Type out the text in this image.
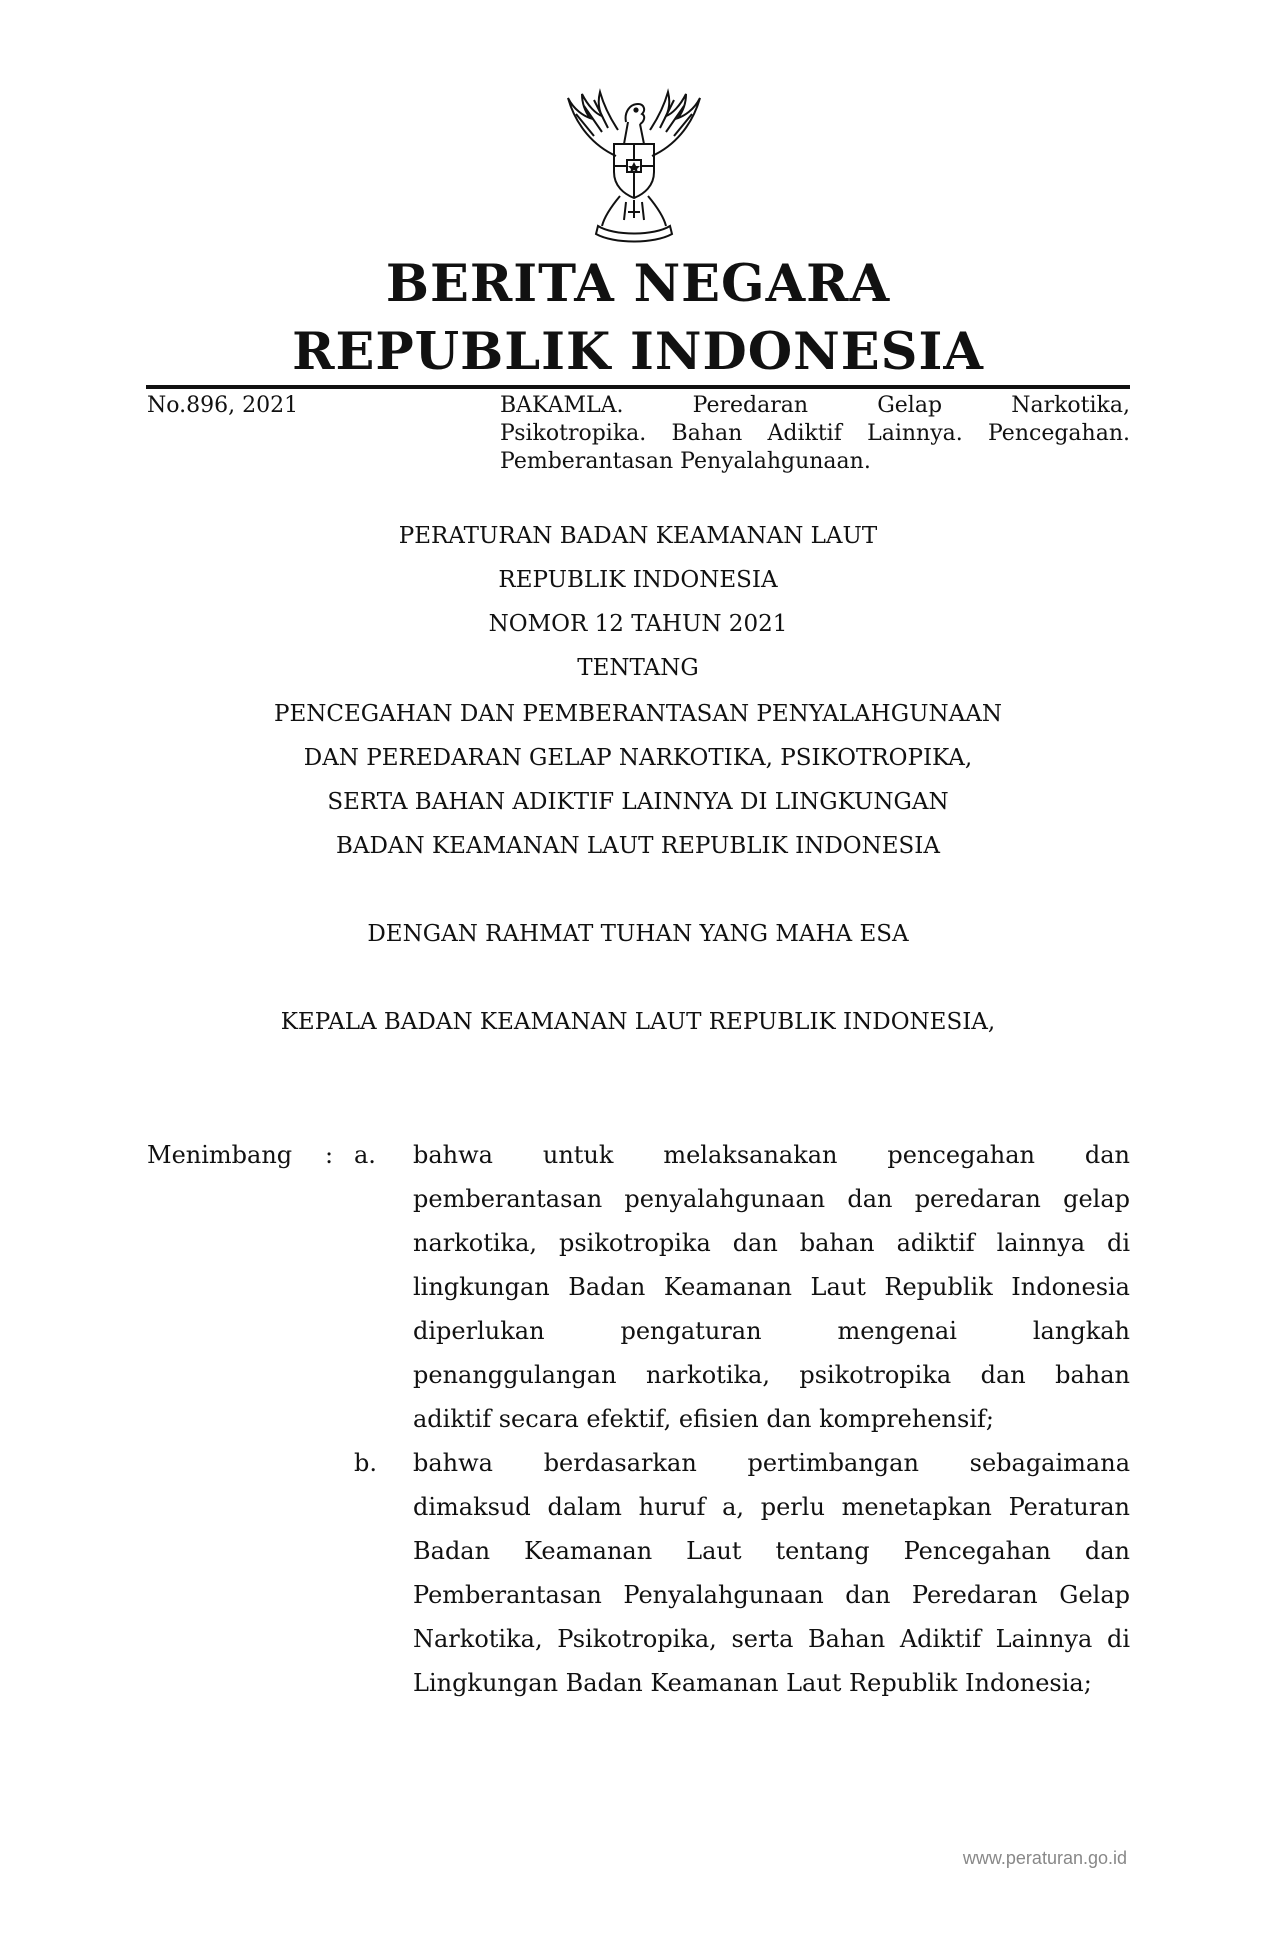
BERITA NEGARA
REPUBLIK INDONESIA
No.896, 2021	BAKAMLA. Peredaran Gelap Narkotika,
Psikotropika. Bahan Adiktif Lainnya. Pencegahan.
Pemberantasan Penyalahgunaan.
PERATURAN BADAN KEAMANAN LAUT
REPUBLIK INDONESIA
NOMOR 12 TAHUN 2021
TENTANG
PENCEGAHAN DAN PEMBERANTASAN PENYALAHGUNAAN
DAN PEREDARAN GELAP NARKOTIKA, PSIKOTROPIKA,
SERTA BAHAN ADIKTIF LAINNYA DI LINGKUNGAN
BADAN KEAMANAN LAUT REPUBLIK INDONESIA
DENGAN RAHMAT TUHAN YANG MAHA ESA
KEPALA BADAN KEAMANAN LAUT REPUBLIK INDONESIA,
Menimbang : a. bahwa untuk melaksanakan pencegahan dan
pemberantasan penyalahgunaan dan peredaran gelap
narkotika, psikotropika dan bahan adiktif lainnya di
lingkungan Badan Keamanan Laut Republik Indonesia
diperlukan pengaturan mengenai langkah
penanggulangan narkotika, psikotropika dan bahan
adiktif secara efektif, efisien dan komprehensif;
b. bahwa berdasarkan pertimbangan sebagaimana
dimaksud dalam huruf a, perlu menetapkan Peraturan
Badan Keamanan Laut tentang Pencegahan dan
Pemberantasan Penyalahgunaan dan Peredaran Gelap
Narkotika, Psikotropika, serta Bahan Adiktif Lainnya di
Lingkungan Badan Keamanan Laut Republik Indonesia;
www.peraturan.go.id
